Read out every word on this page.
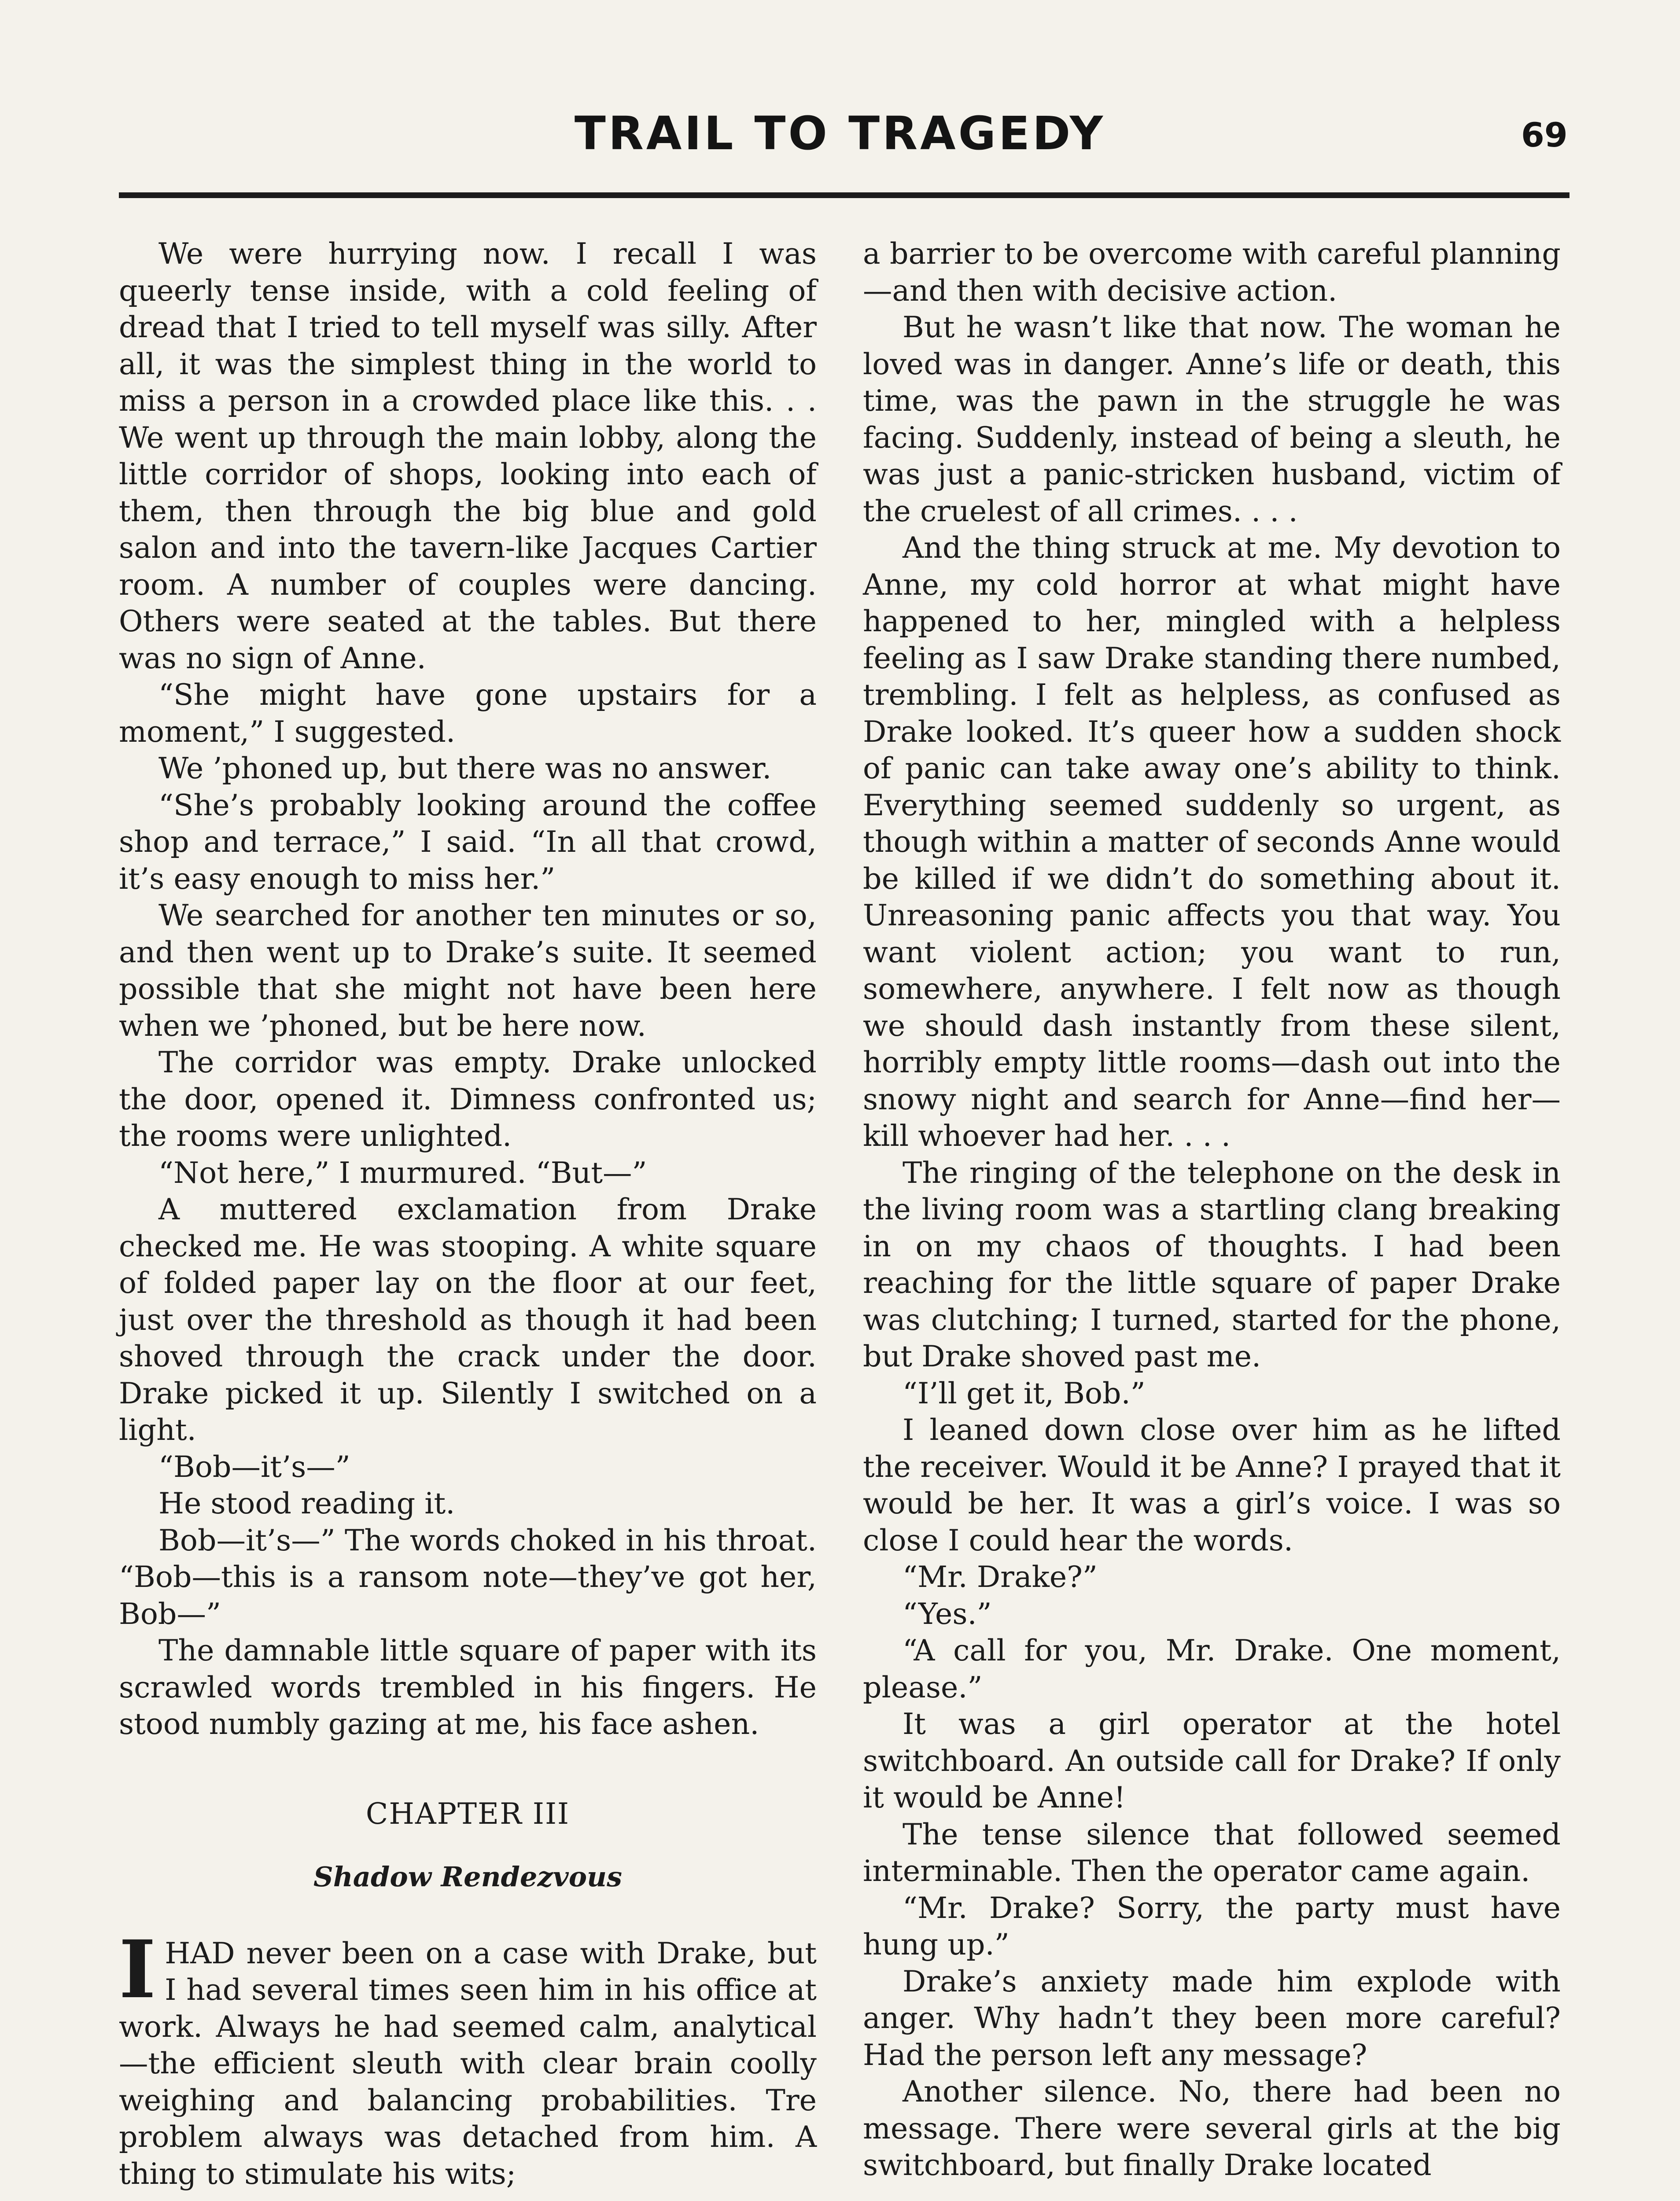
TRAIL TO TRAGEDY	69

We were hurrying now. I recall I was queerly tense inside, with a cold feeling of dread that I tried to tell myself was silly. After all, it was the simplest thing in the world to miss a person in a crowded place like this. . . We went up through the main lobby, along the little corridor of shops, looking into each of them, then through the big blue and gold salon and into the tavern-like Jacques Cartier room. A number of couples were dancing. Others were seated at the tables. But there was no sign of Anne.

“She might have gone upstairs for a moment,” I suggested.

We ’phoned up, but there was no answer.

“She’s probably looking around the coffee shop and terrace,” I said. “In all that crowd, it’s easy enough to miss her.”

We searched for another ten minutes or so, and then went up to Drake’s suite. It seemed possible that she might not have been here when we ’phoned, but be here now.

The corridor was empty. Drake unlocked the door, opened it. Dimness confronted us; the rooms were unlighted.

“Not here,” I murmured. “But—”

A muttered exclamation from Drake checked me. He was stooping. A white square of folded paper lay on the floor at our feet, just over the threshold as though it had been shoved through the crack under the door. Drake picked it up. Silently I switched on a light.

“Bob—it’s—”

He stood reading it.

Bob—it’s—” The words choked in his throat. “Bob—this is a ransom note—they’ve got her, Bob—”

The damnable little square of paper with its scrawled words trembled in his fingers. He stood numbly gazing at me, his face ashen.

CHAPTER III
Shadow Rendezvous

IHAD never been on a case with Drake, but I had several times seen him in his office at work. Always he had seemed calm, analytical—the efficient sleuth with clear brain coolly weighing and balancing probabilities. Tre problem always was detached from him. A thing to stimulate his wits;

a barrier to be overcome with careful planning—and then with decisive action.

But he wasn’t like that now. The woman he loved was in danger. Anne’s life or death, this time, was the pawn in the struggle he was facing. Suddenly, instead of being a sleuth, he was just a panic-stricken husband, victim of the cruelest of all crimes. . . .

And the thing struck at me. My devotion to Anne, my cold horror at what might have happened to her, mingled with a helpless feeling as I saw Drake standing there numbed, trembling. I felt as helpless, as confused as Drake looked. It’s queer how a sudden shock of panic can take away one’s ability to think. Everything seemed suddenly so urgent, as though within a matter of seconds Anne would be killed if we didn’t do something about it. Unreasoning panic affects you that way. You want violent action; you want to run, somewhere, anywhere. I felt now as though we should dash instantly from these silent, horribly empty little rooms—dash out into the snowy night and search for Anne—find her—kill whoever had her. . . .

The ringing of the telephone on the desk in the living room was a startling clang breaking in on my chaos of thoughts. I had been reaching for the little square of paper Drake was clutching; I turned, started for the phone, but Drake shoved past me.

“I’ll get it, Bob.”

I leaned down close over him as he lifted the receiver. Would it be Anne? I prayed that it would be her. It was a girl’s voice. I was so close I could hear the words.

“Mr. Drake?”

“Yes.”

“A call for you, Mr. Drake. One moment, please.”

It was a girl operator at the hotel switchboard. An outside call for Drake? If only it would be Anne!

The tense silence that followed seemed interminable. Then the operator came again.

“Mr. Drake? Sorry, the party must have hung up.”

Drake’s anxiety made him explode with anger. Why hadn’t they been more careful? Had the person left any message?

Another silence. No, there had been no message. There were several girls at the big switchboard, but finally Drake located
